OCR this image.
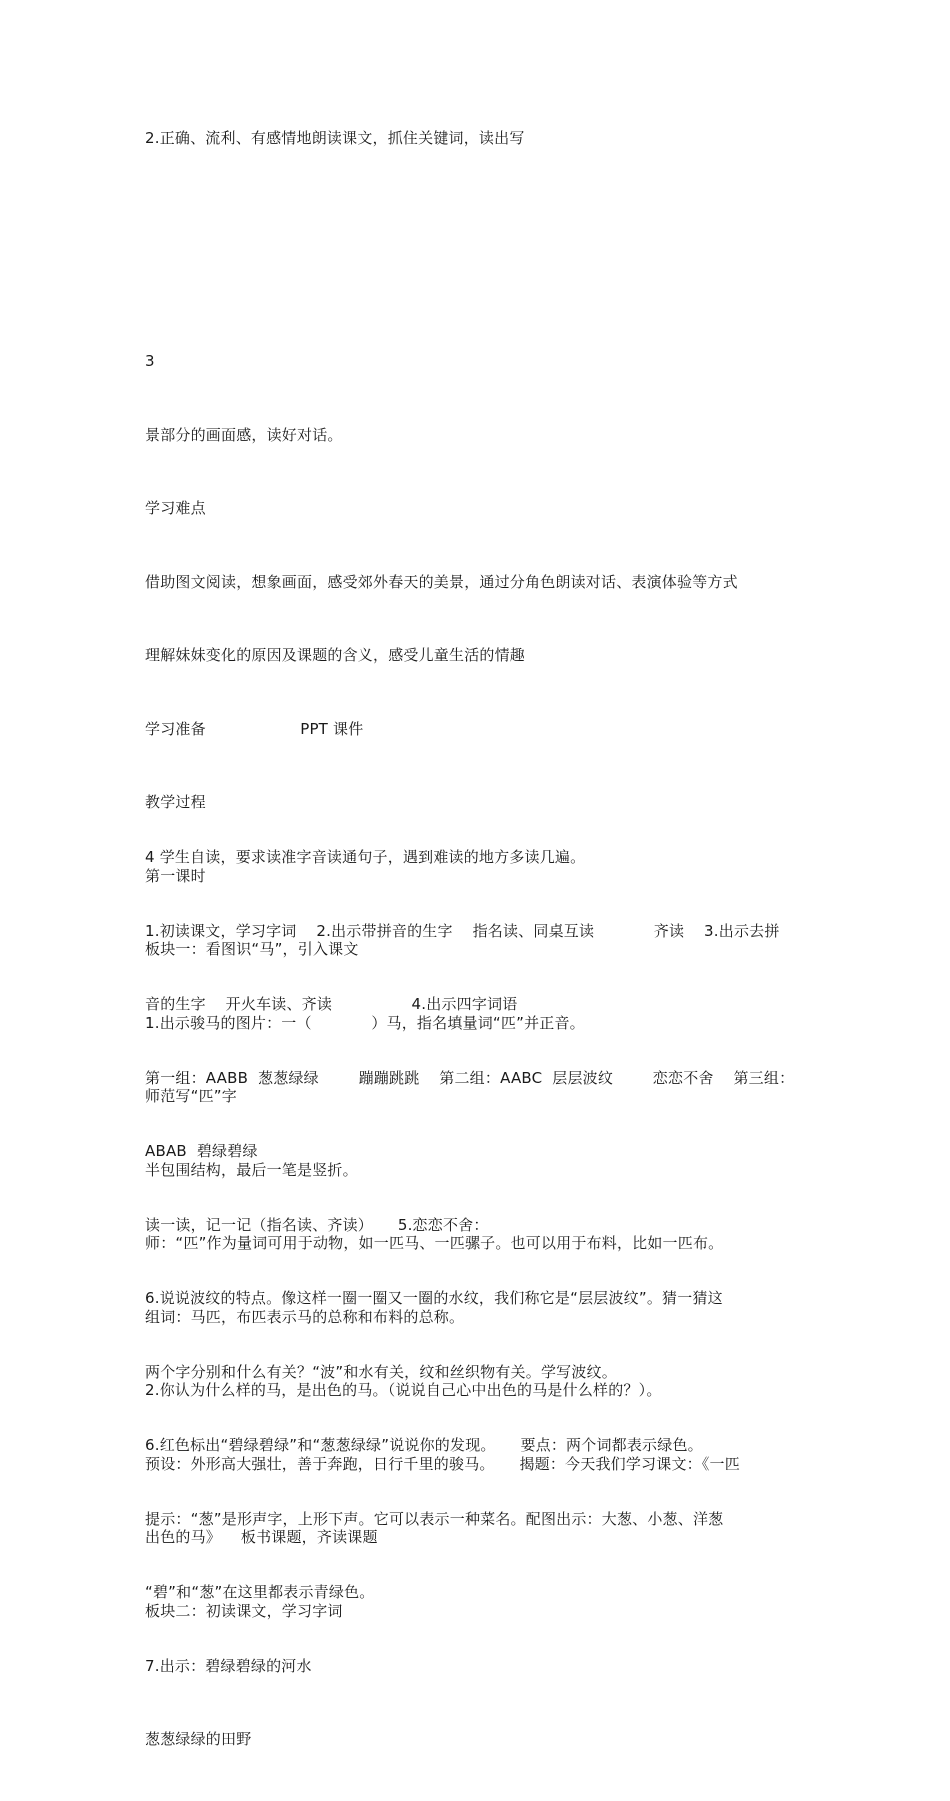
2.正确、流利、有感情地朗读课文，抓住关键词，读出写

3

景部分的画面感，读好对话。

学习难点

借助图文阅读，想象画面，感受郊外春天的美景，通过分角色朗读对话、表演体验等方式

理解妹妹变化的原因及课题的含义，感受儿童生活的情趣

学习准备                   PPT 课件

教学过程

第一课时

板块一：看图识“马”，引入课文

1.出示骏马的图片：一（            ）马，指名填量词“匹”并正音。

师范写“匹”字

半包围结构，最后一笔是竖折。

师：“匹”作为量词可用于动物，如一匹马、一匹骡子。也可以用于布料，比如一匹布。

组词：马匹，布匹表示马的总称和布料的总称。

2.你认为什么样的马，是出色的马。（说说自己心中出色的马是什么样的？）。

预设：外形高大强壮，善于奔跑，日行千里的骏马。     揭题：今天我们学习课文：《一匹

出色的马》    板书课题，齐读课题

板块二：初读课文，学习字词

4 学生自读，要求读准字音读通句子，遇到难读的地方多读几遍。

1.初读课文，学习字词    2.出示带拼音的生字    指名读、同桌互读            齐读    3.出示去拼

音的生字    开火车读、齐读                4.出示四字词语

第一组：AABB  葱葱绿绿        蹦蹦跳跳    第二组：AABC  层层波纹        恋恋不舍    第三组：

ABAB  碧绿碧绿

读一读，记一记（指名读、齐读）     5.恋恋不舍：

6.说说波纹的特点。像这样一圈一圈又一圈的水纹，我们称它是“层层波纹”。猜一猜这

两个字分别和什么有关？“波”和水有关，纹和丝织物有关。学写波纹。

6.红色标出“碧绿碧绿”和“葱葱绿绿”说说你的发现。     要点：两个词都表示绿色。

提示：“葱”是形声字，上形下声。它可以表示一种菜名。配图出示：大葱、小葱、洋葱

“碧”和“葱”在这里都表示青绿色。

7.出示：碧绿碧绿的河水

葱葱绿绿的田野
